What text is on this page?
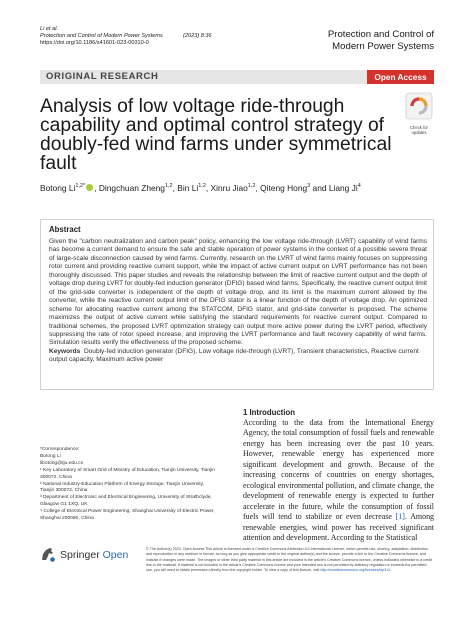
Li et al.
Protection and Control of Modern Power Systems	(2023) 8:36
https://doi.org/10.1186/s41601-023-00310-0
Protection and Control of
Modern Power Systems
ORIGINAL RESEARCH	Open Access
Check for
updates
Analysis of low voltage ride-through capability and optimal control strategy of doubly-fed wind farms under symmetrical fault
Botong $Li^{1,2*}$ , Dingchuan Zheng$^{1,2}$, Bin Li$^{1,2}$, Xinru Jiao$^{1,2}$, Qiteng Hong$^3$ and Liang Ji$^4$
Abstract
Given the "carbon neutralization and carbon peak" policy, enhancing the low voltage ride-through (LVRT) capability of wind farms has become a current demand to ensure the safe and stable operation of power systems in the context of a possible severe threat of large-scale disconnection caused by wind farms. Currently, research on the LVRT of wind farms mainly focuses on suppressing rotor current and providing reactive current support, while the impact of active current output on LVRT performance has not been thoroughly discussed. This paper studies and reveals the relationship between the limit of reactive current output and the depth of voltage drop during LVRT for doubly-fed induction generator (DFIG) based wind farms. Specifically, the reactive current output limit of the grid-side converter is independent of the depth of voltage drop, and its limit is the maximum current allowed by the converter, while the reactive current output limit of the DFIG stator is a linear function of the depth of voltage drop. An optimized scheme for allocating reactive current among the STATCOM, DFIG stator, and grid-side converter is proposed. The scheme maximizes the output of active current while satisfying the standard requirements for reactive current output. Compared to traditional schemes, the proposed LVRT optimization strategy can output more active power during the LVRT period, effectively suppressing the rate of rotor speed increase, and improving the LVRT performance and fault recovery capability of wind farms. Simulation results verify the effectiveness of the proposed scheme.
Keywords Doubly-fed induction generator (DFIG), Low voltage ride-through (LVRT), Transient characteristics, Reactive current output capacity, Maximum active power
*Correspondence:
Botong Li
libotong@tju.edu.cn
¹ Key Laboratory of Smart Grid of Ministry of Education, Tianjin University, Tianjin 300072, China
² National Industry-Education Platform of Energy Storage, Tianjin University, Tianjin 300072, China
³ Department of Electronic and Electrical Engineering, University of Strathclyde, Glasgow G1 1XQ, UK
⁴ College of Electrical Power Engineering, Shanghai University of Electric Power, Shanghai 200090, China
1 Introduction
According to the data from the International Energy Agency, the total consumption of fossil fuels and renewable energy has been increasing over the past 10 years. However, renewable energy has experienced more significant development and growth. Because of the increasing concerns of countries on energy shortages, ecological environmental pollution, and climate change, the development of renewable energy is expected to further accelerate in the future, while the consumption of fossil fuels will tend to stabilize or even decrease [1]. Among renewable energies, wind power has received significant attention and development. According to the Statistical
Springer Open	© The Author(s) 2023. Open Access This article is licensed under a Creative Commons Attribution 4.0 International License, which permits use, sharing, adaptation, distribution and reproduction in any medium or format, as long as you give appropriate credit to the original author(s) and the source, provide a link to the Creative Commons licence, and indicate if changes were made. The images or other third party material in this article are included in the article's Creative Commons licence, unless indicated otherwise in a credit line to the material. If material is not included in the article's Creative Commons licence and your intended use is not permitted by statutory regulation or exceeds the permitted use, you will need to obtain permission directly from the copyright holder. To view a copy of this licence, visit http://creativecommons.org/licenses/by/4.0/.
